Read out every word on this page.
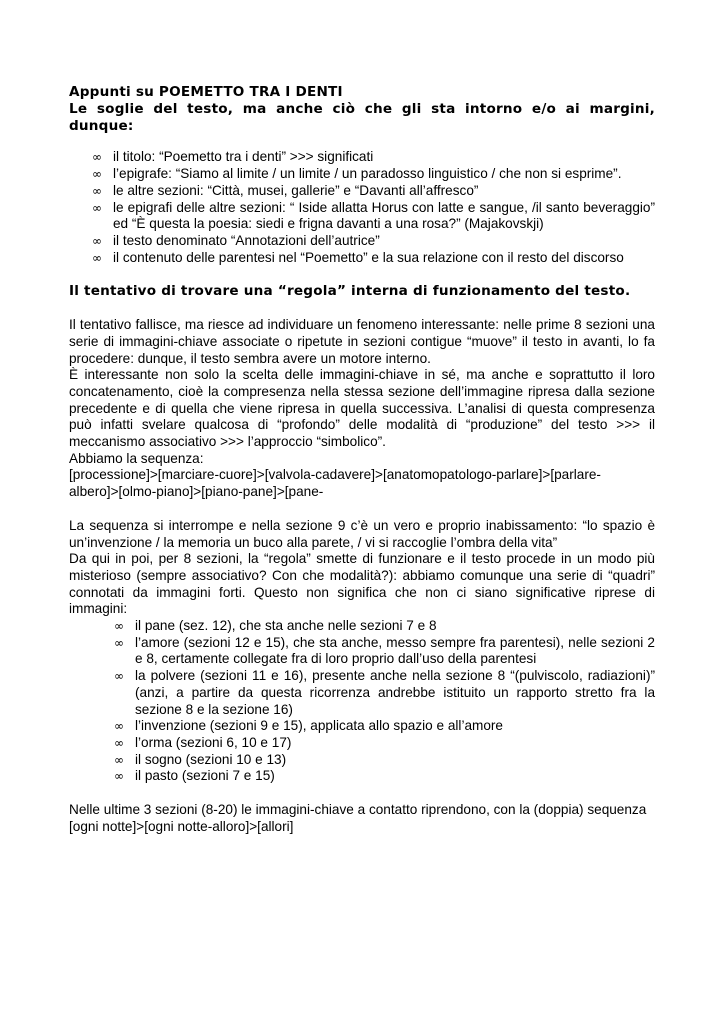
Appunti su POEMETTO TRA I DENTI
Le soglie del testo, ma anche ciò che gli sta intorno e/o ai margini, dunque:
∞ il titolo: “Poemetto tra i denti” >>> significati
∞ l’epigrafe: “Siamo al limite / un limite / un paradosso linguistico / che non si esprime”.
∞ le altre sezioni: “Città, musei, gallerie” e “Davanti all’affresco”
∞ le epigrafi delle altre sezioni: “ Iside allatta Horus con latte e sangue, /il santo beveraggio” ed “È questa la poesia: siedi e frigna davanti a una rosa?” (Majakovskji)
∞ il testo denominato “Annotazioni dell’autrice”
∞ il contenuto delle parentesi nel “Poemetto” e la sua relazione con il resto del discorso
Il tentativo di trovare una “regola” interna di funzionamento del testo.

Il tentativo fallisce, ma riesce ad individuare un fenomeno interessante: nelle prime 8 sezioni una serie di immagini-chiave associate o ripetute in sezioni contigue “muove” il testo in avanti, lo fa procedere: dunque, il testo sembra avere un motore interno.

È interessante non solo la scelta delle immagini-chiave in sé, ma anche e soprattutto il loro concatenamento, cioè la compresenza nella stessa sezione dell’immagine ripresa dalla sezione precedente e di quella che viene ripresa in quella successiva. L’analisi di questa compresenza può infatti svelare qualcosa di “profondo” delle modalità di “produzione” del testo >>> il meccanismo associativo >>> l’approccio “simbolico”.

Abbiamo la sequenza:

[processione]>[marciare-cuore]>[valvola-cadavere]>[anatomopatologo-parlare]>[parlare-

albero]>[olmo-piano]>[piano-pane]>[pane-

La sequenza si interrompe e nella sezione 9 c’è un vero e proprio inabissamento: “lo spazio è un’invenzione / la memoria un buco alla parete, / vi si raccoglie l’ombra della vita”

Da qui in poi, per 8 sezioni, la “regola” smette di funzionare e il testo procede in un modo più misterioso (sempre associativo? Con che modalità?): abbiamo comunque una serie di “quadri” connotati da immagini forti. Questo non significa che non ci siano significative riprese di immagini:

∞ il pane (sez. 12), che sta anche nelle sezioni 7 e 8
∞ l’amore (sezioni 12 e 15), che sta anche, messo sempre fra parentesi), nelle sezioni 2 e 8, certamente collegate fra di loro proprio dall’uso della parentesi
∞ la polvere (sezioni 11 e 16), presente anche nella sezione 8 “(pulviscolo, radiazioni)” (anzi, a partire da questa ricorrenza andrebbe istituito un rapporto stretto fra la sezione 8 e la sezione 16)
∞ l’invenzione (sezioni 9 e 15), applicata allo spazio e all’amore
∞ l’orma (sezioni 6, 10 e 17)
∞ il sogno (sezioni 10 e 13)
∞ il pasto (sezioni 7 e 15)

Nelle ultime 3 sezioni (8-20) le immagini-chiave a contatto riprendono, con la (doppia) sequenza

[ogni notte]>[ogni notte-alloro]>[allori]
